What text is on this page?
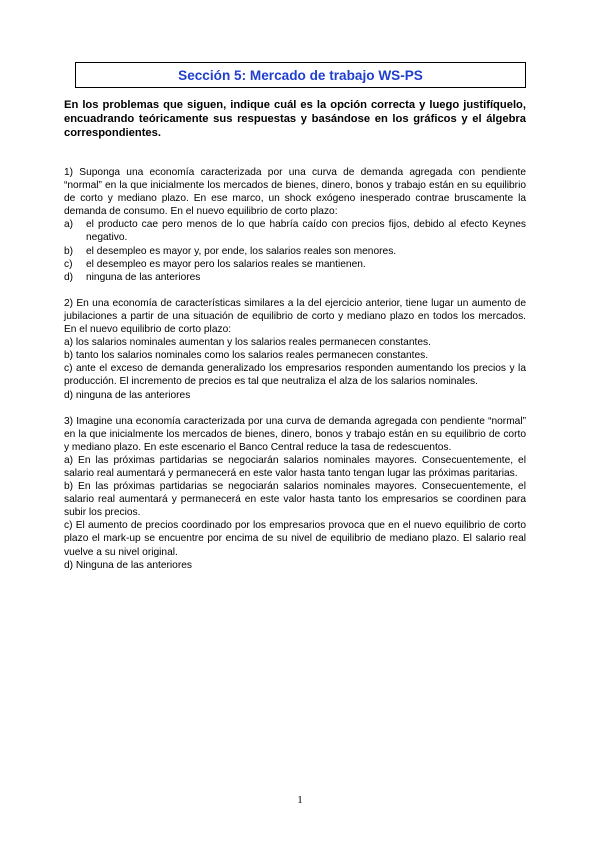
Sección 5: Mercado de trabajo WS-PS
En los problemas que siguen, indique cuál es la opción correcta y luego justifíquelo, encuadrando teóricamente sus respuestas y basándose en los gráficos y el álgebra correspondientes.

1) Suponga una economía caracterizada por una curva de demanda agregada con pendiente “normal” en la que inicialmente los mercados de bienes, dinero, bonos y trabajo están en su equilibrio de corto y mediano plazo. En ese marco, un shock exógeno inesperado contrae bruscamente la demanda de consumo. En el nuevo equilibrio de corto plazo:

a)	el producto cae pero menos de lo que habría caído con precios fijos, debido al efecto Keynes negativo.
b)	el desempleo es mayor y, por ende, los salarios reales son menores.
c)	el desempleo es mayor pero los salarios reales se mantienen.
d)	ninguna de las anteriores

2) En una economía de características similares a la del ejercicio anterior, tiene lugar un aumento de jubilaciones a partir de una situación de equilibrio de corto y mediano plazo en todos los mercados. En el nuevo equilibrio de corto plazo:

a) los salarios nominales aumentan y los salarios reales permanecen constantes.

b) tanto los salarios nominales como los salarios reales permanecen constantes.

c) ante el exceso de demanda generalizado los empresarios responden aumentando los precios y la producción. El incremento de precios es tal que neutraliza el alza de los salarios nominales.

d) ninguna de las anteriores

3) Imagine una economía caracterizada por una curva de demanda agregada con pendiente “normal” en la que inicialmente los mercados de bienes, dinero, bonos y trabajo están en su equilibrio de corto y mediano plazo. En este escenario el Banco Central reduce la tasa de redescuentos.

a) En las próximas partidarias se negociarán salarios nominales mayores. Consecuentemente, el salario real aumentará y permanecerá en este valor hasta tanto tengan lugar las próximas paritarias.

b) En las próximas partidarias se negociarán salarios nominales mayores. Consecuentemente, el salario real aumentará y permanecerá en este valor hasta tanto los empresarios se coordinen para subir los precios.

c) El aumento de precios coordinado por los empresarios provoca que en el nuevo equilibrio de corto plazo el mark-up se encuentre por encima de su nivel de equilibrio de mediano plazo. El salario real vuelve a su nivel original.

d) Ninguna de las anteriores

1
